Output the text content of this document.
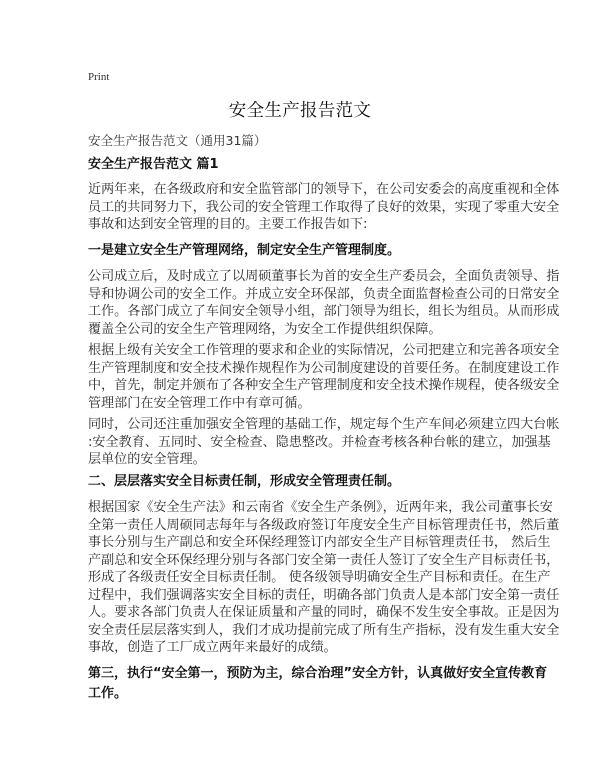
Print
安全生产报告范文
安全生产报告范文（通用31篇）
安全生产报告范文 篇1
近两年来，在各级政府和安全监管部门的领导下，在公司安委会的高度重视和全体
员工的共同努力下，我公司的安全管理工作取得了良好的效果，实现了零重大安全
事故和达到安全管理的目的。主要工作报告如下:
一是建立安全生产管理网络，制定安全生产管理制度。
公司成立后，及时成立了以周硕董事长为首的安全生产委员会，全面负责领导、指
导和协调公司的安全工作。并成立安全环保部，负责全面监督检查公司的日常安全
工作。各部门成立了车间安全领导小组，部门领导为组长，组长为组员。从而形成
覆盖全公司的安全生产管理网络，为安全工作提供组织保障。
根据上级有关安全工作管理的要求和企业的实际情况，公司把建立和完善各项安全
生产管理制度和安全技术操作规程作为公司制度建设的首要任务。在制度建设工作
中，首先，制定并颁布了各种安全生产管理制度和安全技术操作规程，使各级安全
管理部门在安全管理工作中有章可循。
同时，公司还注重加强安全管理的基础工作，规定每个生产车间必须建立四大台帐
:安全教育、五同时、安全检查、隐患整改。并检查考核各种台帐的建立，加强基
层单位的安全管理。
二、层层落实安全目标责任制，形成安全管理责任制。
根据国家《安全生产法》和云南省《安全生产条例》，近两年来，我公司董事长安
全第一责任人周硕同志每年与各级政府签订年度安全生产目标管理责任书，然后董
事长分别与生产副总和安全环保经理签订内部安全生产目标管理责任书， 然后生
产副总和安全环保经理分别与各部门安全第一责任人签订了安全生产目标责任书，
形成了各级责任安全目标责任制。 使各级领导明确安全生产目标和责任。在生产
过程中，我们强调落实安全目标的责任，明确各部门负责人是本部门安全第一责任
人。要求各部门负责人在保证质量和产量的同时，确保不发生安全事故。正是因为
安全责任层层落实到人，我们才成功提前完成了所有生产指标，没有发生重大安全
事故，创造了工厂成立两年来最好的成绩。
第三，执行“安全第一，预防为主，综合治理”安全方针，认真做好安全宣传教育
工作。
